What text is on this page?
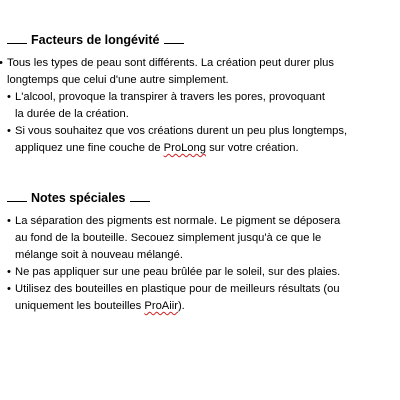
Facteurs de longévité
• Tous les types de peau sont différents. La création peut durer plus
longtemps que celui d'une autre simplement.
• L'alcool, provoque la transpirer à travers les pores, provoquant
la durée de la création.
• Si vous souhaitez que vos créations durent un peu plus longtemps,
appliquez une fine couche de ProLong sur votre création.
Notes spéciales
• La séparation des pigments est normale. Le pigment se déposera
au fond de la bouteille. Secouez simplement jusqu'à ce que le
mélange soit à nouveau mélangé.
• Ne pas appliquer sur une peau brûlée par le soleil, sur des plaies.
• Utilisez des bouteilles en plastique pour de meilleurs résultats (ou
uniquement les bouteilles ProAiir).
